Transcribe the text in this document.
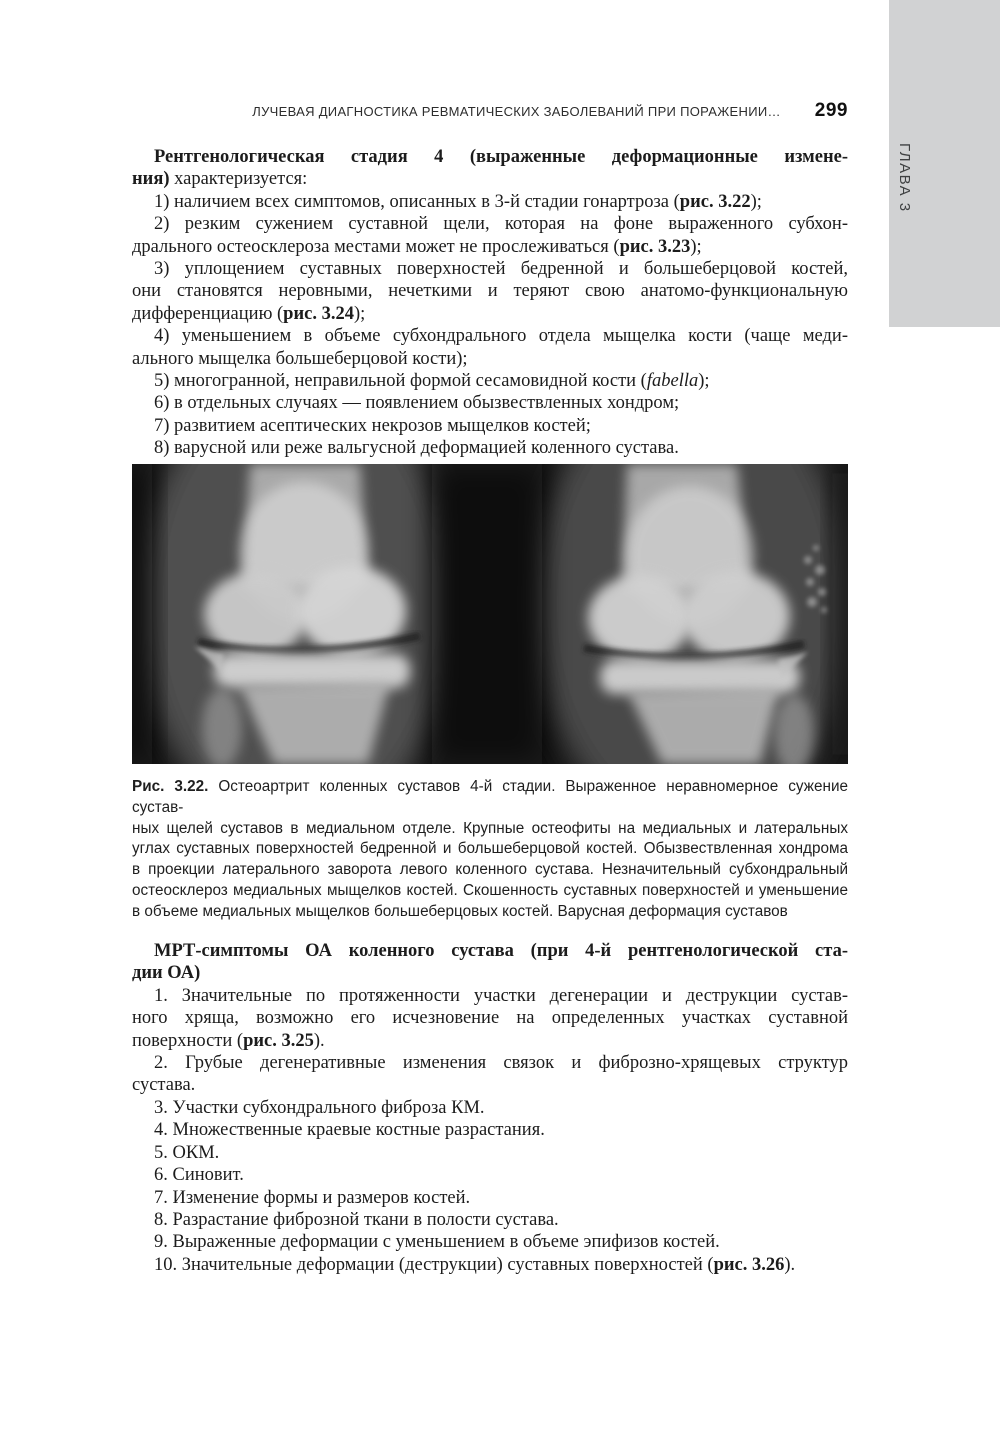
ГЛАВА 3
ЛУЧЕВАЯ ДИАГНОСТИКА РЕВМАТИЧЕСКИХ ЗАБОЛЕВАНИЙ ПРИ ПОРАЖЕНИИ… 299
Рентгенологическая стадия 4 (выраженные деформационные измене-
ния) характеризуется:
1) наличием всех симптомов, описанных в 3-й стадии гонартроза (рис. 3.22);
2) резким сужением суставной щели, которая на фоне выраженного субхон-
дрального остеосклероза местами может не прослеживаться (рис. 3.23);
3) уплощением суставных поверхностей бедренной и большеберцовой костей,
они становятся неровными, нечеткими и теряют свою анатомо-функциональную
дифференциацию (рис. 3.24);
4) уменьшением в объеме субхондрального отдела мыщелка кости (чаще меди-
ального мыщелка большеберцовой кости);
5) многогранной, неправильной формой сесамовидной кости (fabella);
6) в отдельных случаях — появлением обызвествленных хондром;
7) развитием асептических некрозов мыщелков костей;
8) варусной или реже вальгусной деформацией коленного сустава.
Рис. 3.22. Остеоартрит коленных суставов 4-й стадии. Выраженное неравномерное сужение сустав-
ных щелей суставов в медиальном отделе. Крупные остеофиты на медиальных и латеральных
углах суставных поверхностей бедренной и большеберцовой костей. Обызвествленная хондрома
в проекции латерального заворота левого коленного сустава. Незначительный субхондральный
остеосклероз медиальных мыщелков костей. Скошенность суставных поверхностей и уменьшение
в объеме медиальных мыщелков большеберцовых костей. Варусная деформация суставов
МРТ-симптомы ОА коленного сустава (при 4-й рентгенологической ста-
дии ОА)
1. Значительные по протяженности участки дегенерации и деструкции сустав-
ного хряща, возможно его исчезновение на определенных участках суставной
поверхности (рис. 3.25).
2. Грубые дегенеративные изменения связок и фиброзно-хрящевых структур
сустава.
3. Участки субхондрального фиброза КМ.
4. Множественные краевые костные разрастания.
5. ОКМ.
6. Синовит.
7. Изменение формы и размеров костей.
8. Разрастание фиброзной ткани в полости сустава.
9. Выраженные деформации с уменьшением в объеме эпифизов костей.
10. Значительные деформации (деструкции) суставных поверхностей (рис. 3.26).
